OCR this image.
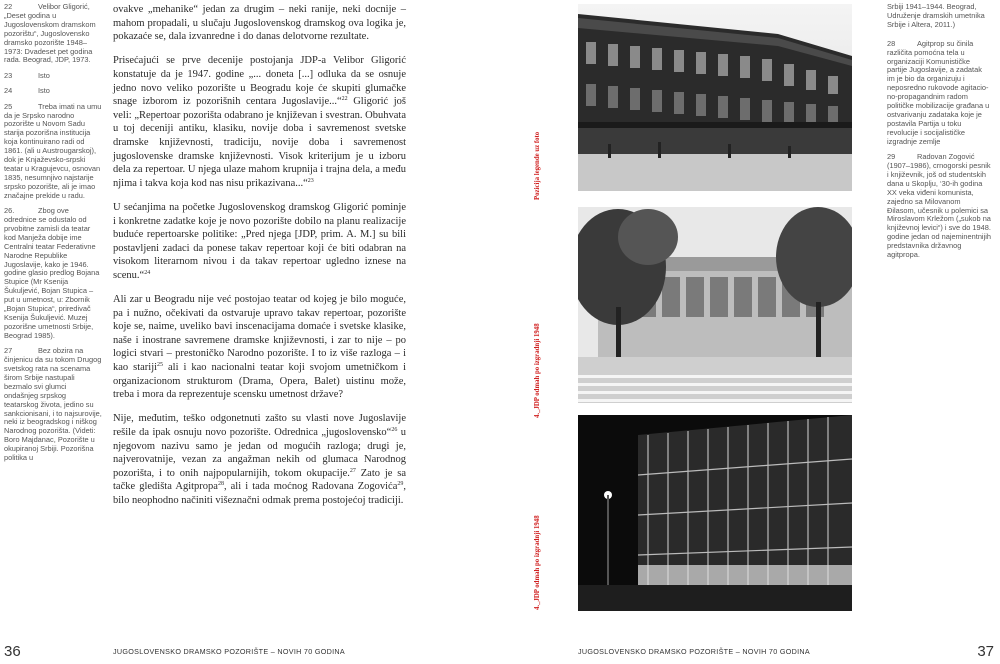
22	Velibor Gligorić, „Deset godina u Jugoslovenskom dramskom pozorištu“, Jugoslovensko dramsko pozorište 1948–1973: Dvadeset pet godina rada. Beograd, JDP, 1973.
23	Isto
24	Isto
25	Treba imati na umu da je Srpsko narodno pozorište u Novom Sadu starija pozorišna institucija koja kontinuirano radi od 1861. (ali u Austrougarskoj), dok je Knjaževsko-srpski teatar u Kragujevcu, osnovan 1835, nesumnjivo najstarije srpsko pozorište, ali je imao značajne prekide u radu.
26.	Zbog ove odrednice se odustalo od prvobitne zamisli da teatar kod Manježa dobije ime Centralni teatar Federativne Narodne Republike Jugoslavije, kako je 1946. godine glasio predlog Bojana Stupice (Mr Ksenija Šukuljević, Bojan Stupica – put u umetnost, u: Zbornik „Bojan Stupica“, priredivač Ksenija Šukuljević. Muzej pozorišne umetnosti Srbije, Beograd 1985).
27	Bez obzira na činjenicu da su tokom Drugog svetskog rata na scenama širom Srbije nastupali bezmalo svi glumci ondašnjeg srpskog teatarskog života, jedino su sankcionisani, i to najsurovije, neki iz beogradskog i niškog Narodnog pozorišta. (Videti: Boro Majdanac, Pozorište u okupiranoj Srbiji. Pozorišna politika u

ovakve „mehanike“ jedan za drugim – neki ranije, neki docnije – mahom propadali, u slučaju Jugoslovenskog dramskog ova logika je, pokazaće se, dala izvanredne i do danas delotvorne rezultate.

Prisećajući se prve decenije postojanja JDP-a Velibor Gligorić konstatuje da je 1947. godine „... doneta [...] odluka da se osnuje jedno novo veliko pozorište u Beogradu koje će skupiti glumačke snage izborom iz pozorišnih centara Jugoslavije...“$^{22}$ Gligorić još veli: „Repertoar pozorišta odabrano je književan i svestran. Obuhvata u toj deceniji antiku, klasiku, novije doba i savremenost svetske dramske književnosti, tradiciju, novije doba i savremenost jugoslovenske dramske književnosti. Visok kriterijum je u izboru dela za repertoar. U njega ulaze mahom krupnija i trajna dela, a među njima i takva koja kod nas nisu prikazivana...“$^{23}$

U sećanjima na početke Jugoslovenskog dramskog Gligorić pominje i konkretne zadatke koje je novo pozorište dobilo na planu realizacije buduće repertoarske politike: „Pred njega [JDP, prim. A. M.] su bili postavljeni zadaci da ponese takav repertoar koji će biti odabran na visokom literarnom nivou i da takav repertoar ugledno iznese na scenu.“$^{24}$

Ali zar u Beogradu nije već postojao teatar od kojeg je bilo moguće, pa i nužno, očekivati da ostvaruje upravo takav repertoar, pozorište koje se, naime, uveliko bavi inscenacijama domaće i svetske klasike, naše i inostrane savremene dramske književnosti, i zar to nije – po logici stvari – prestoničko Narodno pozorište. I to iz više razloga – i kao stariji$^{25}$ ali i kao nacionalni teatar koji svojom umetničkom i organizacionom strukturom (Drama, Opera, Balet) uistinu može, treba i mora da reprezentuje scensku umetnost države?

Nije, međutim, teško odgonetnuti zašto su vlasti nove Jugoslavije rešile da ipak osnuju novo pozorište. Odrednica „jugoslovensko“$^{26}$ u njegovom nazivu samo je jedan od mogućih razloga; drugi je, najverovatnije, vezan za angažman nekih od glumaca Narodnog pozorišta, i to onih najpopularnijih, tokom okupacije.$^{27}$ Zato je sa tačke gledišta Agitpropa$^{28}$, ali i tada moćnog Radovana Zogovića$^{29}$, bilo neophodno načiniti višeznačni odmak prema postojećoj tradiciji.

Pozicija legende uz foto
4._JDP odmah po izgradnji 1948
4._JDP odmah po izgradnji 1948
Srbiji 1941–1944. Beograd, Udruženje dramskih umetnika Srbije i Altera, 2011.)
28	Agitprop su činila različita pomoćna tela u organizaciji Komunističke partije Jugoslavije, a zadatak im je bio da organizuju i neposredno rukovode agitacio-no-propagandnim radom političke mobilizacije građana u ostvarivanju zadataka koje je postavila Partija u toku revolucije i socijalističke izgradnje zemlje
29	Radovan Zogović (1907–1986), crnogorski pesnik i književnik, još od studentskih dana u Skoplju, ‘30-ih godina XX veka viđeni komunista, zajedno sa Milovanom Đilasom, učesnik u polemici sa Miroslavom Krležom („sukob na književnoj levici“) i sve do 1948. godine jedan od najeminentnijih predstavnika državnog agitpropa.
36	JUGOSLOVENSKO DRAMSKO POZORIŠTE – NOVIH 70 GODINA	JUGOSLOVENSKO DRAMSKO POZORIŠTE – NOVIH 70 GODINA	37
